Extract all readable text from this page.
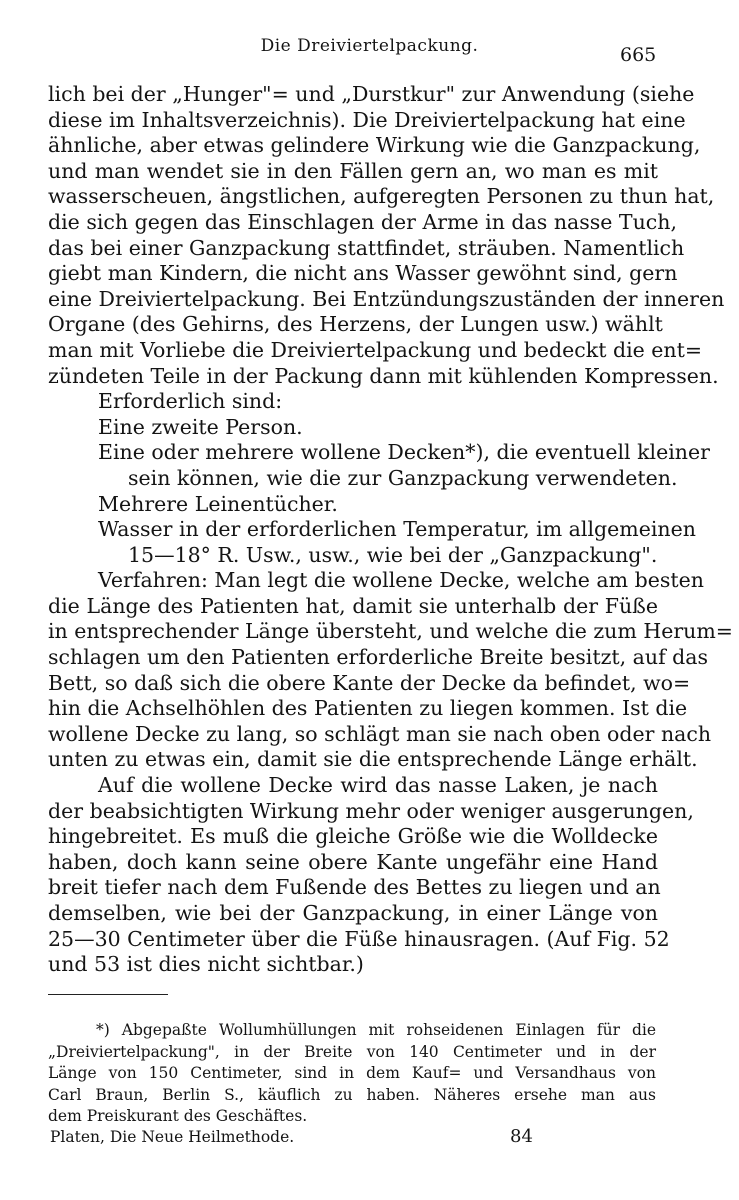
Die Dreiviertelpackung.	665
lich bei der „Hunger"= und „Durstkur" zur Anwendung (siehe
diese im Inhaltsverzeichnis). Die Dreiviertelpackung hat eine
ähnliche, aber etwas gelindere Wirkung wie die Ganzpackung,
und man wendet sie in den Fällen gern an, wo man es mit
wasserscheuen, ängstlichen, aufgeregten Personen zu thun hat,
die sich gegen das Einschlagen der Arme in das nasse Tuch,
das bei einer Ganzpackung stattfindet, sträuben. Namentlich
giebt man Kindern, die nicht ans Wasser gewöhnt sind, gern
eine Dreiviertelpackung. Bei Entzündungszuständen der inneren
Organe (des Gehirns, des Herzens, der Lungen usw.) wählt
man mit Vorliebe die Dreiviertelpackung und bedeckt die ent=
zündeten Teile in der Packung dann mit kühlenden Kompressen.
Erforderlich sind:
Eine zweite Person.
Eine oder mehrere wollene Decken*), die eventuell kleiner
sein können, wie die zur Ganzpackung verwendeten.
Mehrere Leinentücher.
Wasser in der erforderlichen Temperatur, im allgemeinen
15—18° R. Usw., usw., wie bei der „Ganzpackung".
Verfahren: Man legt die wollene Decke, welche am besten
die Länge des Patienten hat, damit sie unterhalb der Füße
in entsprechender Länge übersteht, und welche die zum Herum=
schlagen um den Patienten erforderliche Breite besitzt, auf das
Bett, so daß sich die obere Kante der Decke da befindet, wo=
hin die Achselhöhlen des Patienten zu liegen kommen. Ist die
wollene Decke zu lang, so schlägt man sie nach oben oder nach
unten zu etwas ein, damit sie die entsprechende Länge erhält.
Auf die wollene Decke wird das nasse Laken, je nach
der beabsichtigten Wirkung mehr oder weniger ausgerungen,
hingebreitet. Es muß die gleiche Größe wie die Wolldecke
haben, doch kann seine obere Kante ungefähr eine Hand
breit tiefer nach dem Fußende des Bettes zu liegen und an
demselben, wie bei der Ganzpackung, in einer Länge von
25—30 Centimeter über die Füße hinausragen. (Auf Fig. 52
und 53 ist dies nicht sichtbar.)
*) Abgepaßte Wollumhüllungen mit rohseidenen Einlagen für die
„Dreiviertelpackung", in der Breite von 140 Centimeter und in der
Länge von 150 Centimeter, sind in dem Kauf= und Versandhaus von
Carl Braun, Berlin S., käuflich zu haben. Näheres ersehe man aus
dem Preiskurant des Geschäftes.
Platen, Die Neue Heilmethode.	84
